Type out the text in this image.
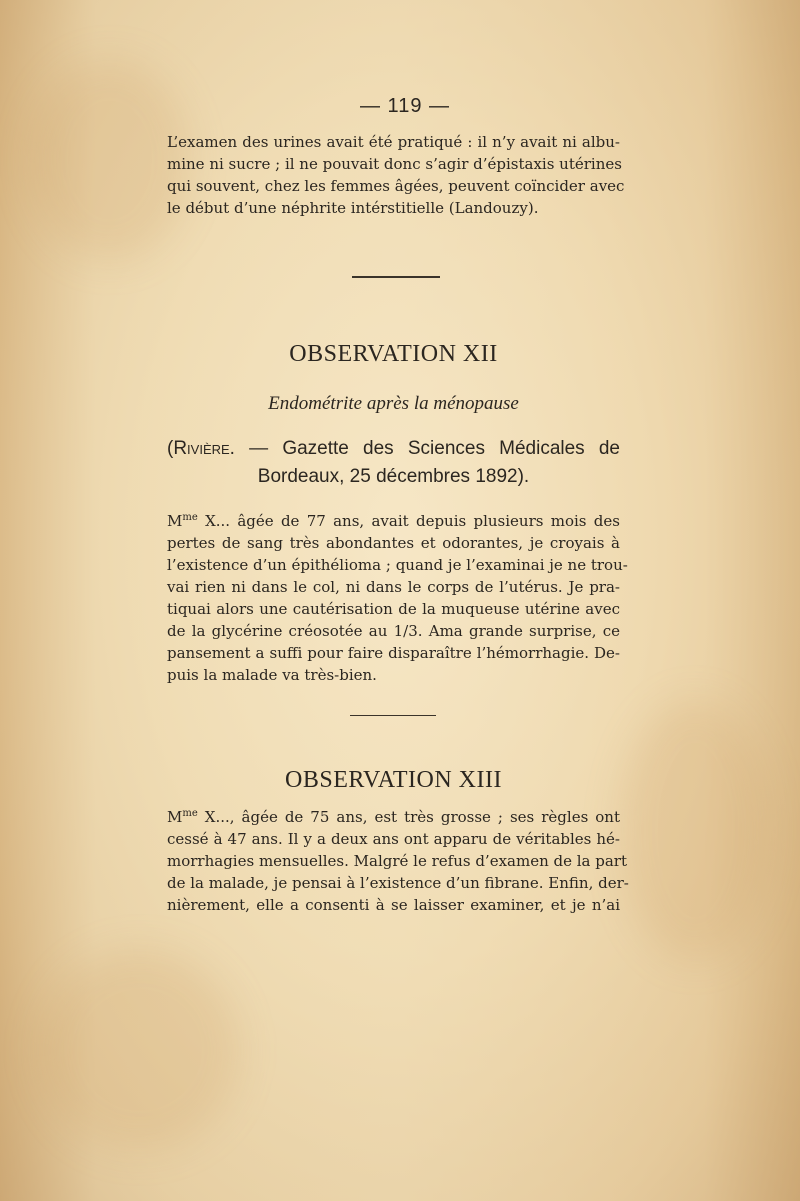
— 119 —
L’examen des urines avait été pratiqué : il n’y avait ni albu-
mine ni sucre ; il ne pouvait donc s’agir d’épistaxis utérines
qui souvent, chez les femmes âgées, peuvent coïncider avec
le début d’une néphrite intérstitielle (Landouzy).
OBSERVATION XII
Endométrite après la ménopause
(Rivière. — Gazette des Sciences Médicales de
Bordeaux, 25 décembres 1892).
$M^{me}$ X... âgée de 77 ans, avait depuis plusieurs mois des
pertes de sang très abondantes et odorantes, je croyais à
l’existence d’un épithélioma ; quand je l’examinai je ne trou-
vai rien ni dans le col, ni dans le corps de l’utérus. Je pra-
tiquai alors une cautérisation de la muqueuse utérine avec
de la glycérine créosotée au 1/3. Ama grande surprise, ce
pansement a suffi pour faire disparaître l’hémorrhagie. De-
puis la malade va très-bien.
OBSERVATION XIII
$M^{me}$ X..., âgée de 75 ans, est très grosse ; ses règles ont
cessé à 47 ans. Il y a deux ans ont apparu de véritables hé-
morrhagies mensuelles. Malgré le refus d’examen de la part
de la malade, je pensai à l’existence d’un fibrane. Enfin, der-
nièrement, elle a consenti à se laisser examiner, et je n’ai
